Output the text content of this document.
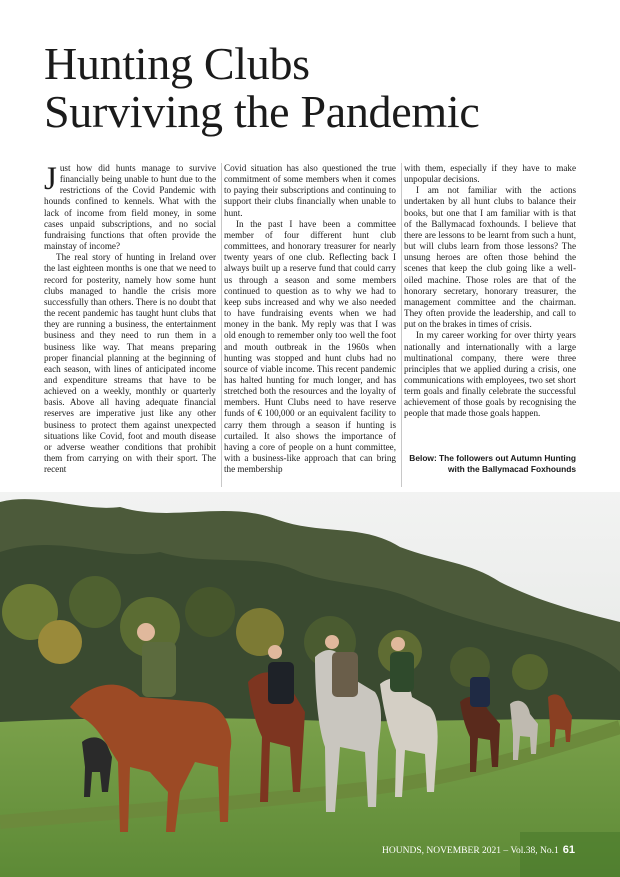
Hunting Clubs
Surviving the Pandemic

Just how did hunts manage to survive financially being unable to hunt due to the restrictions of the Covid Pandemic with hounds confined to kennels. What with the lack of income from field money, in some cases unpaid subscriptions, and no social fundraising functions that often provide the mainstay of income?

The real story of hunting in Ireland over the last eighteen months is one that we need to record for posterity, namely how some hunt clubs managed to handle the crisis more successfully than others. There is no doubt that the recent pandemic has taught hunt clubs that they are running a business, the entertainment business and they need to run them in a business like way. That means preparing proper financial planning at the beginning of each season, with lines of anticipated income and expenditure streams that have to be achieved on a weekly, monthly or quarterly basis. Above all having adequate financial reserves are imperative just like any other business to protect them against unexpected situations like Covid, foot and mouth disease or adverse weather conditions that prohibit them from carrying on with their sport. The recent

Covid situation has also questioned the true commitment of some members when it comes to paying their subscriptions and continuing to support their clubs financially when unable to hunt.

In the past I have been a committee member of four different hunt club committees, and honorary treasurer for nearly twenty years of one club. Reflecting back I always built up a reserve fund that could carry us through a season and some members continued to question as to why we had to keep subs increased and why we also needed to have fundraising events when we had money in the bank. My reply was that I was old enough to remember only too well the foot and mouth outbreak in the 1960s when hunting was stopped and hunt clubs had no source of viable income. This recent pandemic has halted hunting for much longer, and has stretched both the resources and the loyalty of members. Hunt Clubs need to have reserve funds of € 100,000 or an equivalent facility to carry them through a season if hunting is curtailed. It also shows the importance of having a core of people on a hunt committee, with a business-like approach that can bring the membership

with them, especially if they have to make unpopular decisions.

I am not familiar with the actions undertaken by all hunt clubs to balance their books, but one that I am familiar with is that of the Ballymacad foxhounds. I believe that there are lessons to be learnt from such a hunt, but will clubs learn from those lessons? The unsung heroes are often those behind the scenes that keep the club going like a well-oiled machine. Those roles are that of the honorary secretary, honorary treasurer, the management committee and the chairman. They often provide the leadership, and call to put on the brakes in times of crisis.

In my career working for over thirty years nationally and internationally with a large multinational company, there were three principles that we applied during a crisis, one communications with employees, two set short term goals and finally celebrate the successful achievement of those goals by recognising the people that made those goals happen.

Below: The followers out Autumn Hunting with the Ballymacad Foxhounds
HOUNDS, NOVEMBER 2021 – Vol.38, No.1 61
